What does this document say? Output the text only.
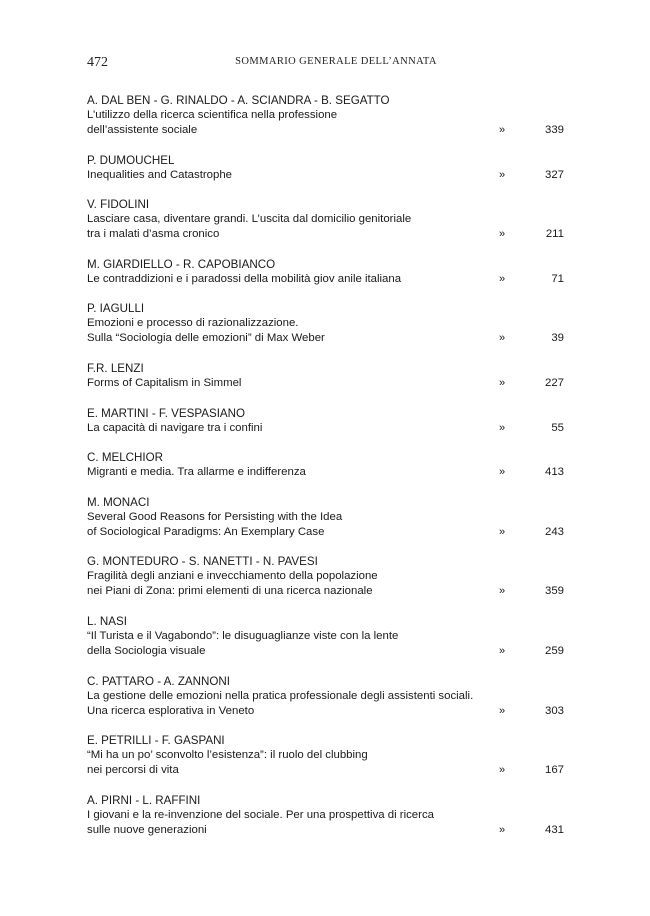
472	SOMMARIO GENERALE DELL’ANNATA
A. DAL BEN - G. RINALDO - A. SCIANDRA - B. SEGATTO
L’utilizzo della ricerca scientifica nella professione
dell’assistente sociale	»	339
P. DUMOUCHEL
Inequalities and Catastrophe	»	327
V. FIDOLINI
Lasciare casa, diventare grandi. L’uscita dal domicilio genitoriale
tra i malati d’asma cronico	»	211
M. GIARDIELLO - R. CAPOBIANCO
Le contraddizioni e i paradossi della mobilità giov anile italiana	»	71
P. IAGULLI
Emozioni e processo di razionalizzazione.
Sulla “Sociologia delle emozioni” di Max Weber	»	39
F.R. LENZI
Forms of Capitalism in Simmel	»	227
E. MARTINI - F. VESPASIANO
La capacità di navigare tra i confini	»	55
C. MELCHIOR
Migranti e media. Tra allarme e indifferenza	»	413
M. MONACI
Several Good Reasons for Persisting with the Idea
of Sociological Paradigms: An Exemplary Case	»	243
G. MONTEDURO - S. NANETTI - N. PAVESI
Fragilità degli anziani e invecchiamento della popolazione
nei Piani di Zona: primi elementi di una ricerca nazionale	»	359
L. NASI
“Il Turista e il Vagabondo”: le disuguaglianze viste con la lente
della Sociologia visuale	»	259
C. PATTARO - A. ZANNONI
La gestione delle emozioni nella pratica professionale degli assistenti sociali.
Una ricerca esplorativa in Veneto	»	303
E. PETRILLI - F. GASPANI
“Mi ha un po’ sconvolto l’esistenza”: il ruolo del clubbing
nei percorsi di vita	»	167
A. PIRNI - L. RAFFINI
I giovani e la re-invenzione del sociale. Per una prospettiva di ricerca
sulle nuove generazioni	»	431
